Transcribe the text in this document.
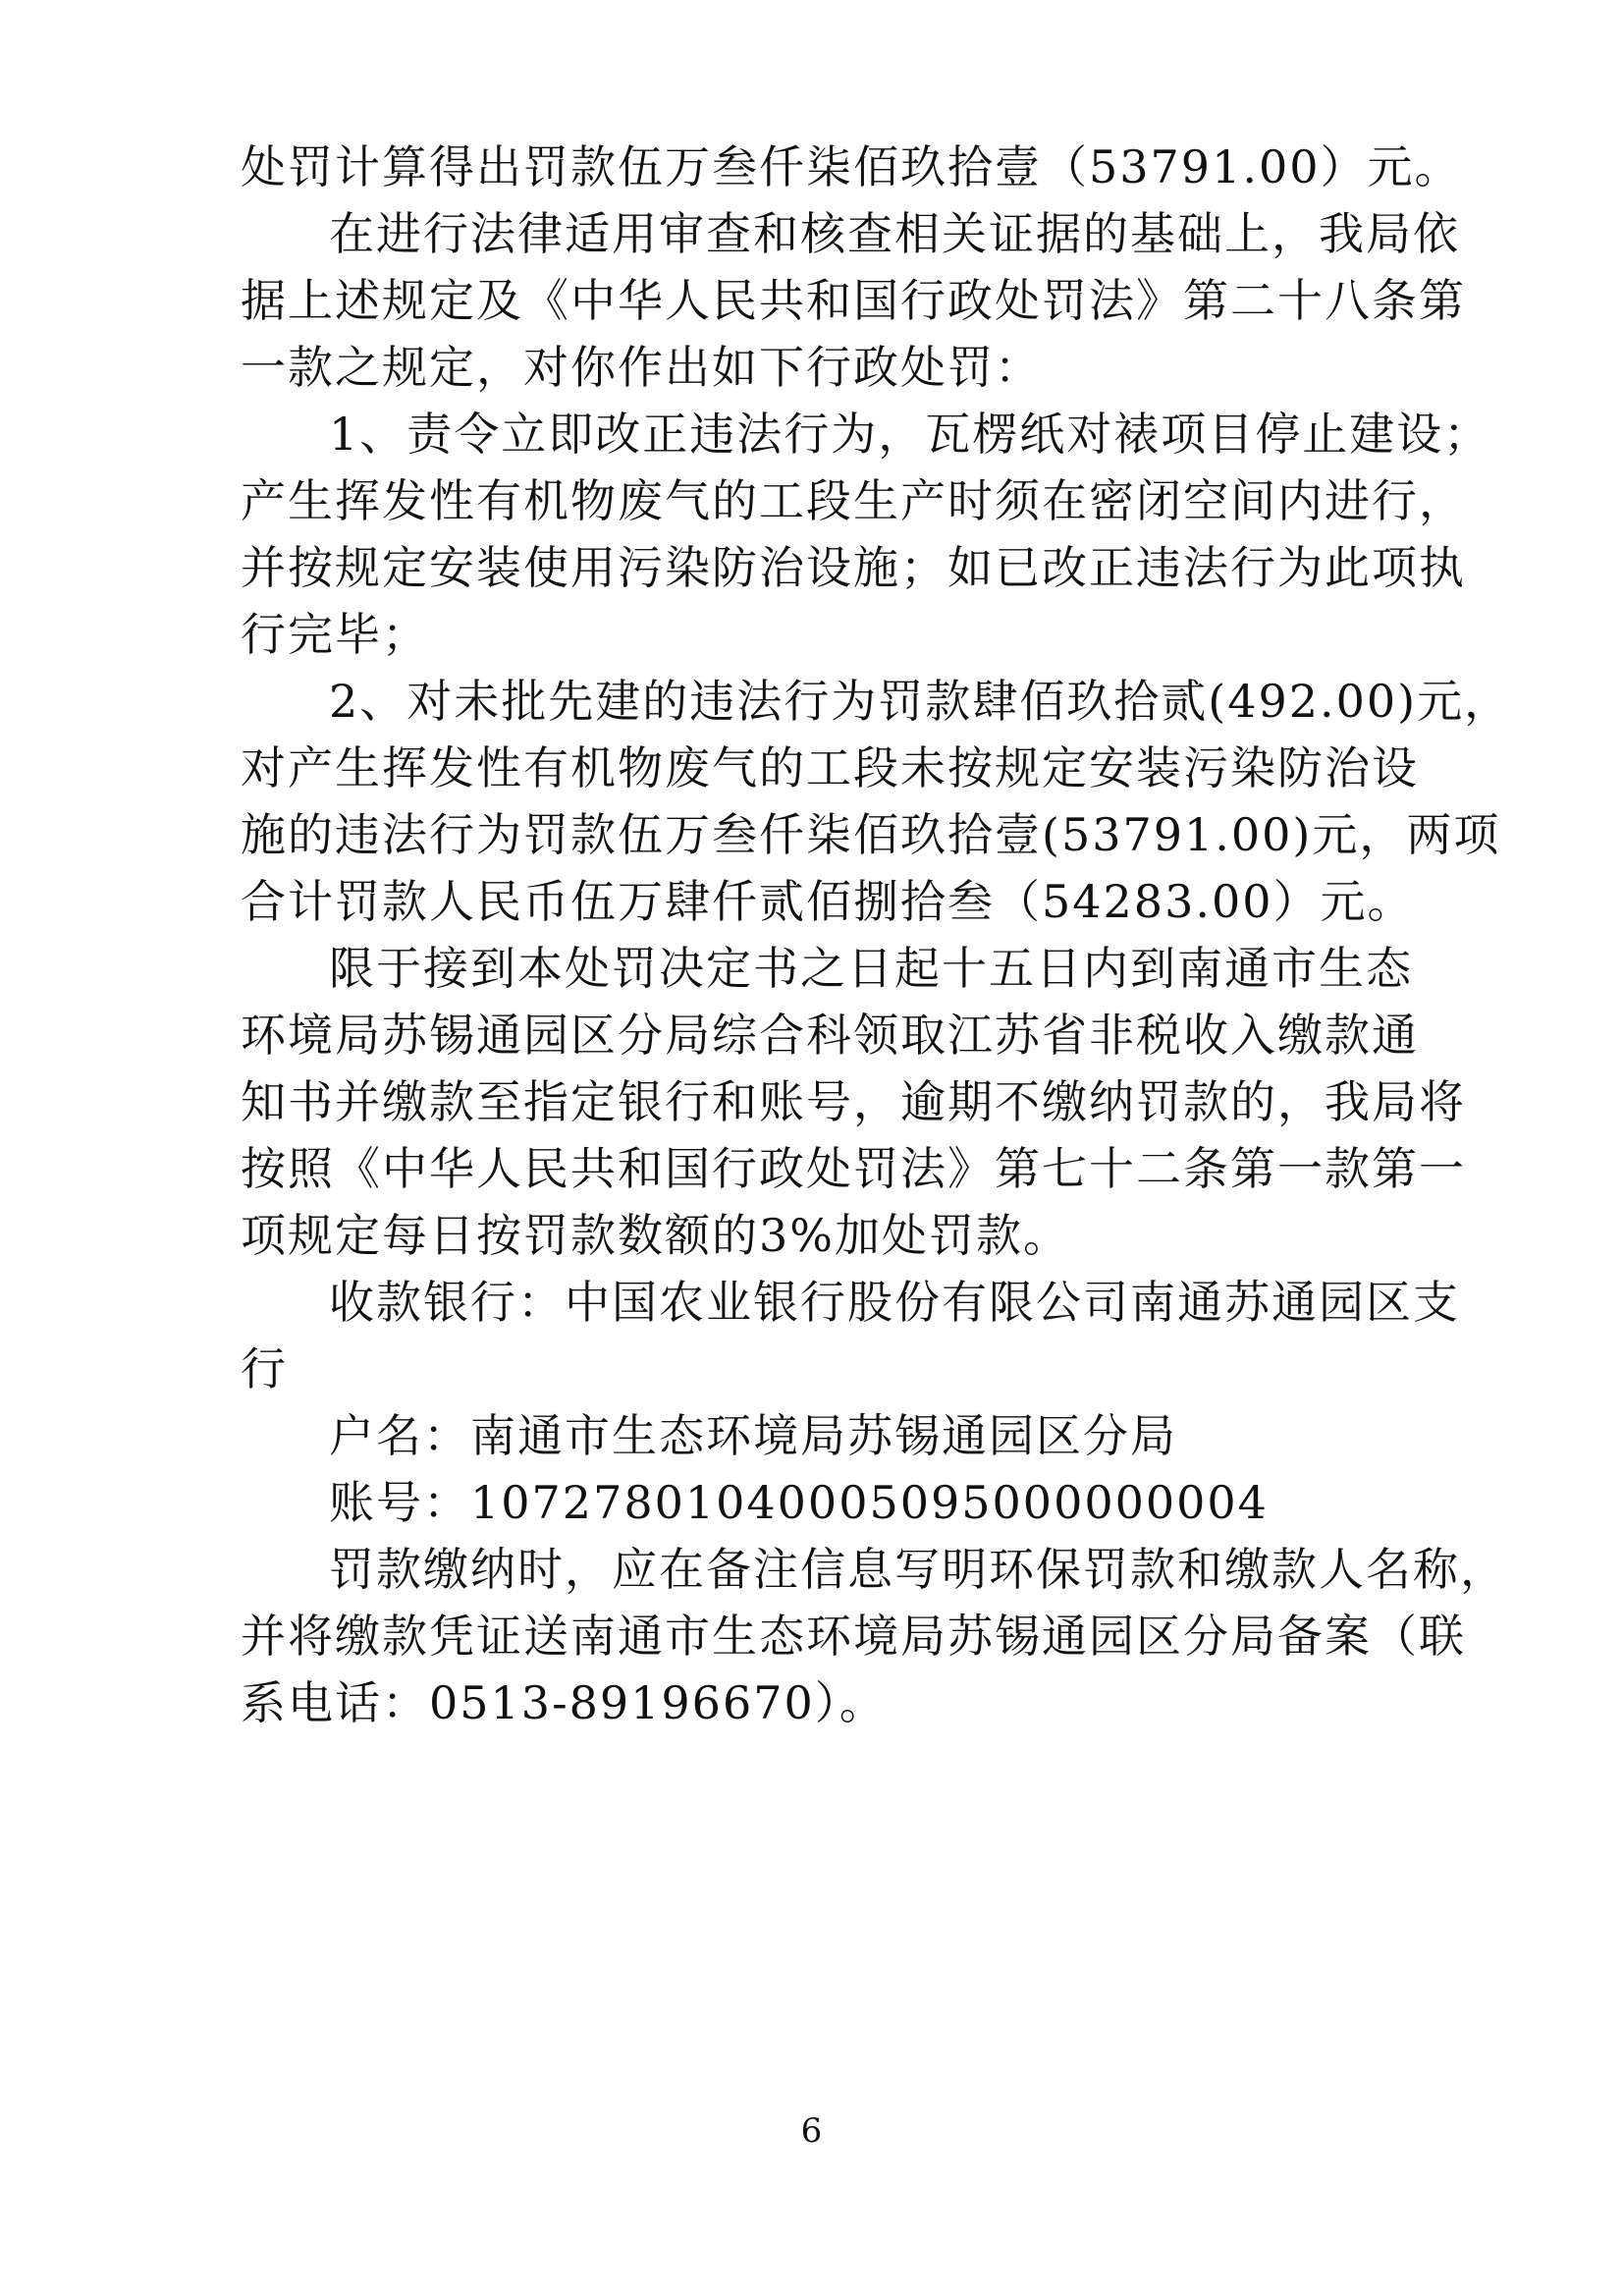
处罚计算得出罚款伍万叁仟柒佰玖拾壹（53791.00）元。
在进行法律适用审查和核查相关证据的基础上，我局依
据上述规定及《中华人民共和国行政处罚法》第二十八条第
一款之规定，对你作出如下行政处罚：
1、责令立即改正违法行为，瓦楞纸对裱项目停止建设；
产生挥发性有机物废气的工段生产时须在密闭空间内进行，
并按规定安装使用污染防治设施；如已改正违法行为此项执
行完毕；
2、对未批先建的违法行为罚款肆佰玖拾贰(492.00)元，
对产生挥发性有机物废气的工段未按规定安装污染防治设
施的违法行为罚款伍万叁仟柒佰玖拾壹(53791.00)元，两项
合计罚款人民币伍万肆仟贰佰捌拾叁（54283.00）元。
限于接到本处罚决定书之日起十五日内到南通市生态
环境局苏锡通园区分局综合科领取江苏省非税收入缴款通
知书并缴款至指定银行和账号，逾期不缴纳罚款的，我局将
按照《中华人民共和国行政处罚法》第七十二条第一款第一
项规定每日按罚款数额的3%加处罚款。
收款银行：中国农业银行股份有限公司南通苏通园区支
行
户名：南通市生态环境局苏锡通园区分局
账号：10727801040005095000000004
罚款缴纳时，应在备注信息写明环保罚款和缴款人名称，
并将缴款凭证送南通市生态环境局苏锡通园区分局备案（联
系电话：0513-89196670）。
6
